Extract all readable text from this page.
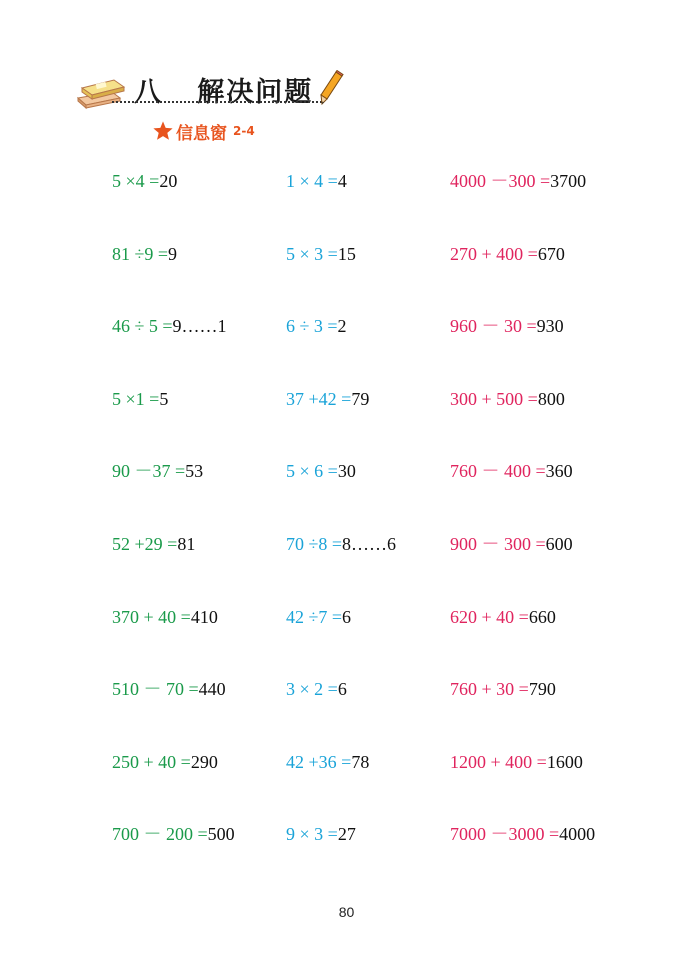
八   解决问题
信息窗 2-4
5 ×4 =20	1 × 4 =4	4000 －300 =3700
81 ÷9 =9	5 × 3 =15	270 + 400 =670
46 ÷ 5 =9……1	6 ÷ 3 =2	960 － 30 =930
5 ×1 =5	37 +42 =79	300 + 500 =800
90 －37 =53	5 × 6 =30	760 － 400 =360
52 +29 =81	70 ÷8 =8……6	900 － 300 =600
370 + 40 =410	42 ÷7 =6	620 + 40 =660
510 － 70 =440	3 × 2 =6	760 + 30 =790
250 + 40 =290	42 +36 =78	1200 + 400 =1600
700 － 200 =500	9 × 3 =27	7000 －3000 =4000
80
